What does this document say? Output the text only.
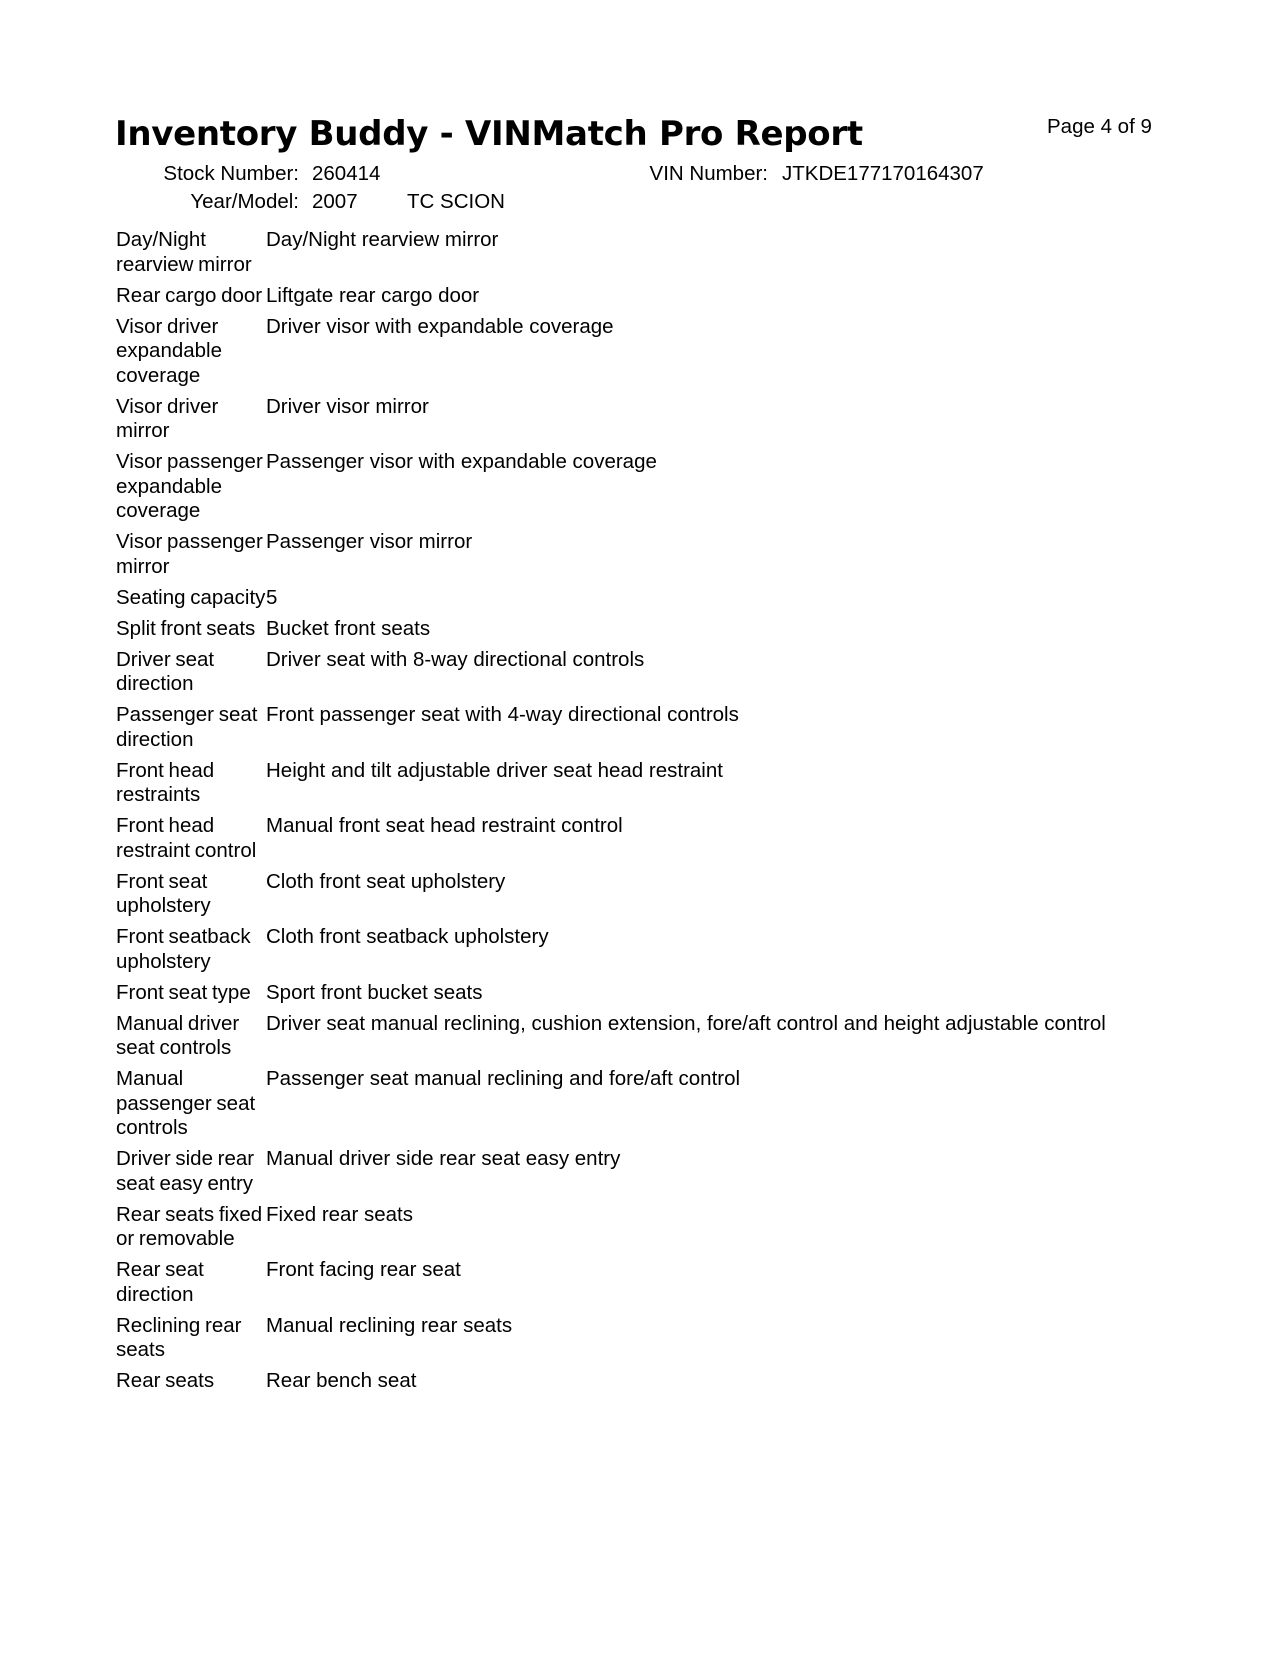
Inventory Buddy - VINMatch Pro Report	Page 4 of 9
Stock Number: 260414
Year/Model: 2007 TC SCION
VIN Number: JTKDE177170164307
Day/Night rearview mirror
Day/Night rearview mirror
Rear cargo door Liftgate rear cargo door
Visor driver expandable coverage
Driver visor with expandable coverage
Visor driver mirror
Driver visor mirror
Visor passenger expandable coverage
Passenger visor with expandable coverage
Visor passenger mirror
Passenger visor mirror
Seating capacity 5
Split front seats Bucket front seats
Driver seat direction
Driver seat with 8-way directional controls
Passenger seat direction
Front passenger seat with 4-way directional controls
Front head restraints
Height and tilt adjustable driver seat head restraint
Front head restraint control
Manual front seat head restraint control
Front seat upholstery
Cloth front seat upholstery
Front seatback upholstery
Cloth front seatback upholstery
Front seat type Sport front bucket seats
Manual driver seat controls
Driver seat manual reclining, cushion extension, fore/aft control and height adjustable control
Manual passenger seat controls
Passenger seat manual reclining and fore/aft control
Driver side rear seat easy entry
Manual driver side rear seat easy entry
Rear seats fixed or removable
Fixed rear seats
Rear seat direction
Front facing rear seat
Reclining rear seats
Manual reclining rear seats
Rear seats	Rear bench seat
